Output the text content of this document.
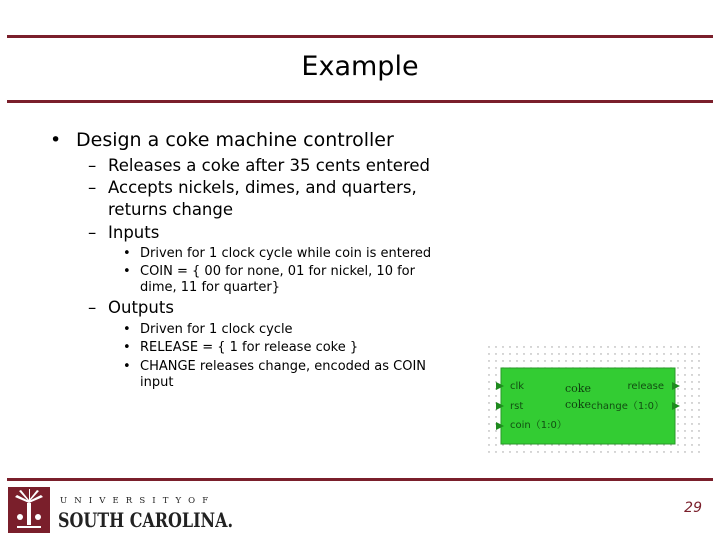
Example
• Design a coke machine controller
– Releases a coke after 35 cents entered
– Accepts nickels, dimes, and quarters,
returns change
– Inputs
• Driven for 1 clock cycle while coin is entered
• COIN = { 00 for none, 01 for nickel, 10 for
dime, 11 for quarter}
– Outputs
• Driven for 1 clock cycle
• RELEASE = { 1 for release coke }
• CHANGE releases change, encoded as COIN
input	clk
rst
coin（1:0）
coke
coke
release
change（1:0）
U N I V E R S I T Y O F
SOUTH CAROLINA.	29
